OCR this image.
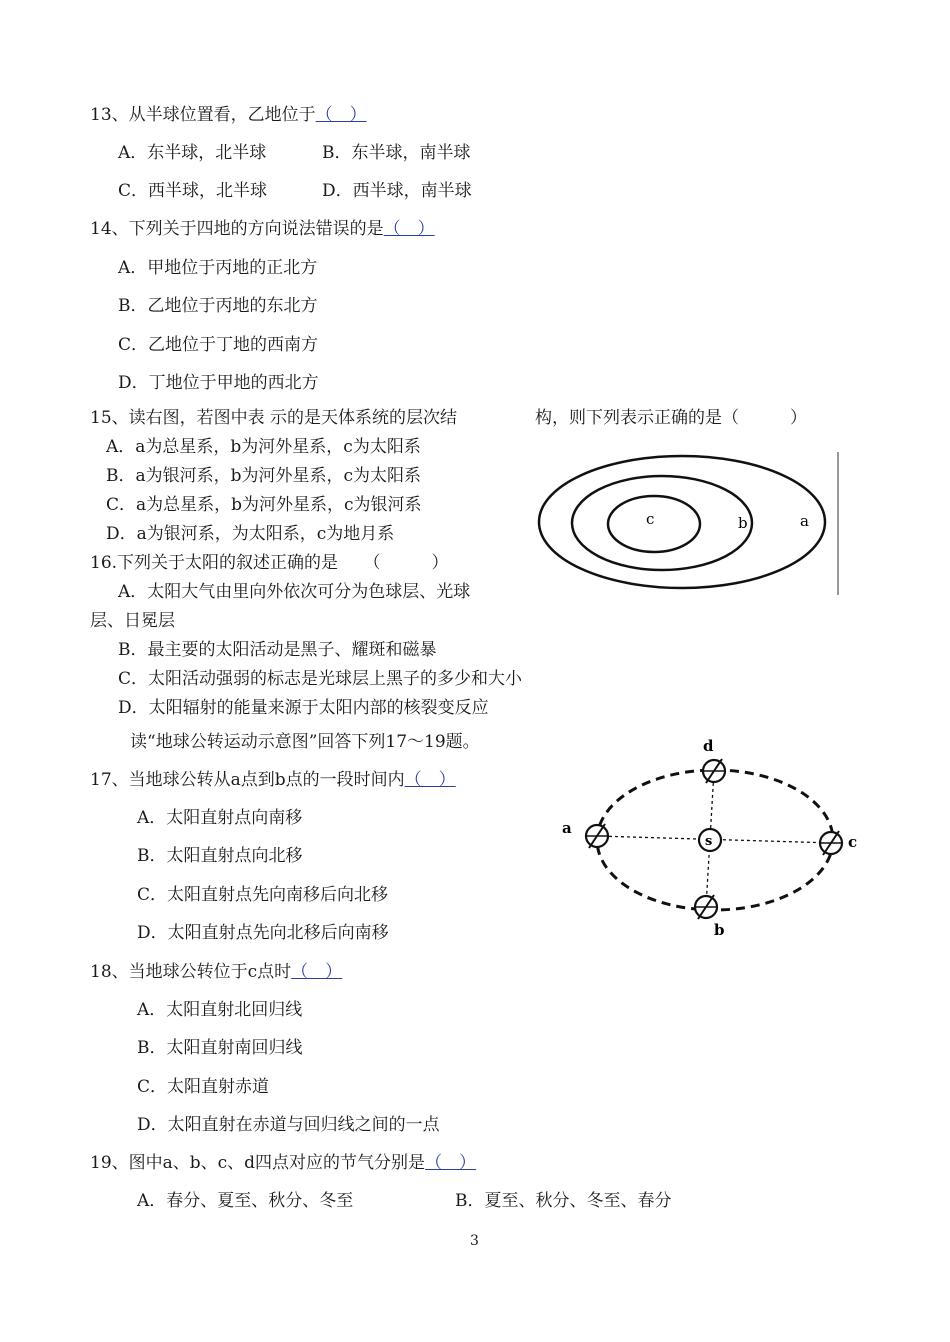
13、从半球位置看，乙地位于（　）
A．东半球，北半球	B．东半球，南半球
C．西半球，北半球	D．西半球，南半球
14、下列关于四地的方向说法错误的是（　）
A．甲地位于丙地的正北方
B．乙地位于丙地的东北方
C．乙地位于丁地的西南方
D．丁地位于甲地的西北方
15、读右图，若图中表 示的是天体系统的层次结	构，则下列表示正确的是（　　　）
A．a为总星系，b为河外星系，c为太阳系
B．a为银河系，b为河外星系，c为太阳系
C．a为总星系，b为河外星系，c为银河系
D．a为银河系，为太阳系，c为地月系
c	b	a
16.下列关于太阳的叙述正确的是　　（　　　）
A．太阳大气由里向外依次可分为色球层、光球
层、日冕层
B．最主要的太阳活动是黑子、耀斑和磁暴
C．太阳活动强弱的标志是光球层上黑子的多少和大小
D．太阳辐射的能量来源于太阳内部的核裂变反应
读“地球公转运动示意图”回答下列17～19题。
17、当地球公转从a点到b点的一段时间内（　）
A．太阳直射点向南移
B．太阳直射点向北移
C．太阳直射点先向南移后向北移
D．太阳直射点先向北移后向南移
s
a
b
c
d
18、当地球公转位于c点时（　）
A．太阳直射北回归线
B．太阳直射南回归线
C．太阳直射赤道
D．太阳直射在赤道与回归线之间的一点
19、图中a、b、c、d四点对应的节气分别是（　）
A．春分、夏至、秋分、冬至	B．夏至、秋分、冬至、春分
3
